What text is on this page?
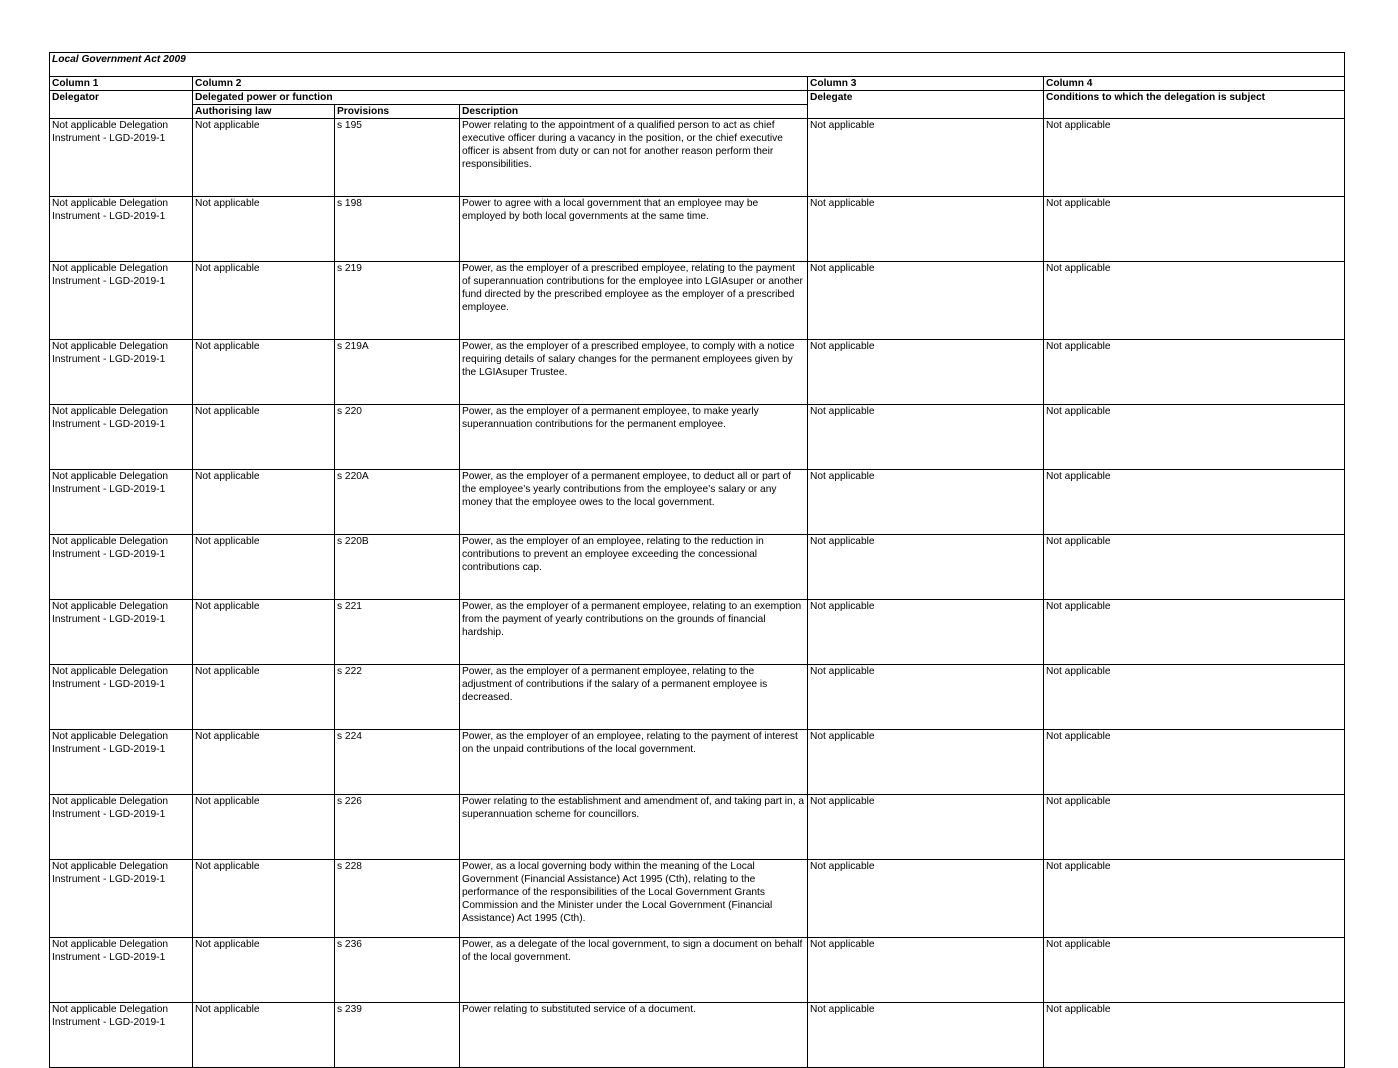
Local Government Act 2009					
Column 1	Column 2			Column 3	Column 4
Delegator	Delegated power or function			Delegate	Conditions to which the delegation is subject
	Authorising law	Provisions	Description		
Not applicable Delegation Instrument - LGD-2019-1	Not applicable	s 195	Power relating to the appointment of a qualified person to act as chief executive officer during a vacancy in the position, or the chief executive officer is absent from duty or can not for another reason perform their responsibilities.	Not applicable	Not applicable
Not applicable Delegation Instrument - LGD-2019-1	Not applicable	s 198	Power to agree with a local government that an employee may be employed by both local governments at the same time.	Not applicable	Not applicable
Not applicable Delegation Instrument - LGD-2019-1	Not applicable	s 219	Power, as the employer of a prescribed employee, relating to the payment of superannuation contributions for the employee into LGIAsuper or another fund directed by the prescribed employee as the employer of a prescribed employee.	Not applicable	Not applicable
Not applicable Delegation Instrument - LGD-2019-1	Not applicable	s 219A	Power, as the employer of a prescribed employee, to comply with a notice requiring details of salary changes for the permanent employees given by the LGIAsuper Trustee.	Not applicable	Not applicable
Not applicable Delegation Instrument - LGD-2019-1	Not applicable	s 220	Power, as the employer of a permanent employee, to make yearly superannuation contributions for the permanent employee.	Not applicable	Not applicable
Not applicable Delegation Instrument - LGD-2019-1	Not applicable	s 220A	Power, as the employer of a permanent employee, to deduct all or part of the employee’s yearly contributions from the employee’s salary or any money that the employee owes to the local government.	Not applicable	Not applicable
Not applicable Delegation Instrument - LGD-2019-1	Not applicable	s 220B	Power, as the employer of an employee, relating to the reduction in contributions to prevent an employee exceeding the concessional contributions cap.	Not applicable	Not applicable
Not applicable Delegation Instrument - LGD-2019-1	Not applicable	s 221	Power, as the employer of a permanent employee, relating to an exemption from the payment of yearly contributions on the grounds of financial hardship.	Not applicable	Not applicable
Not applicable Delegation Instrument - LGD-2019-1	Not applicable	s 222	Power, as the employer of a permanent employee, relating to the adjustment of contributions if the salary of a permanent employee is decreased.	Not applicable	Not applicable
Not applicable Delegation Instrument - LGD-2019-1	Not applicable	s 224	Power, as the employer of an employee, relating to the payment of interest on the unpaid contributions of the local government.	Not applicable	Not applicable
Not applicable Delegation Instrument - LGD-2019-1	Not applicable	s 226	Power relating to the establishment and amendment of, and taking part in, a superannuation scheme for councillors.	Not applicable	Not applicable
Not applicable Delegation Instrument - LGD-2019-1	Not applicable	s 228	Power, as a local governing body within the meaning of the Local Government (Financial Assistance) Act 1995 (Cth), relating to the performance of the responsibilities of the Local Government Grants Commission and the Minister under the Local Government (Financial Assistance) Act 1995 (Cth).	Not applicable	Not applicable
Not applicable Delegation Instrument - LGD-2019-1	Not applicable	s 236	Power, as a delegate of the local government, to sign a document on behalf of the local government.	Not applicable	Not applicable
Not applicable Delegation Instrument - LGD-2019-1	Not applicable	s 239	Power relating to substituted service of a document.	Not applicable	Not applicable
